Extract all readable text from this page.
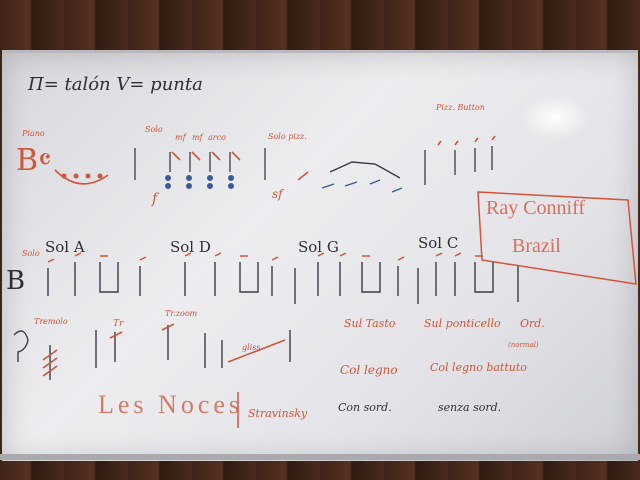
П= talón V= punta
Piano
B𝄴
Solo
mf mf arco	Solo pizz.
Pizz. Button
f	sf
Sol A	Sol D	Sol G	Sol C
Solo
B
Tremolo	Tr
Tr.zoom
gliss
Sul Tasto	Sul ponticello Ord.
(normal)
Col legno	Col legno battuto
Con sord.	senza sord.
Les Noces Stravinsky
Ray Conniff
Brazil
